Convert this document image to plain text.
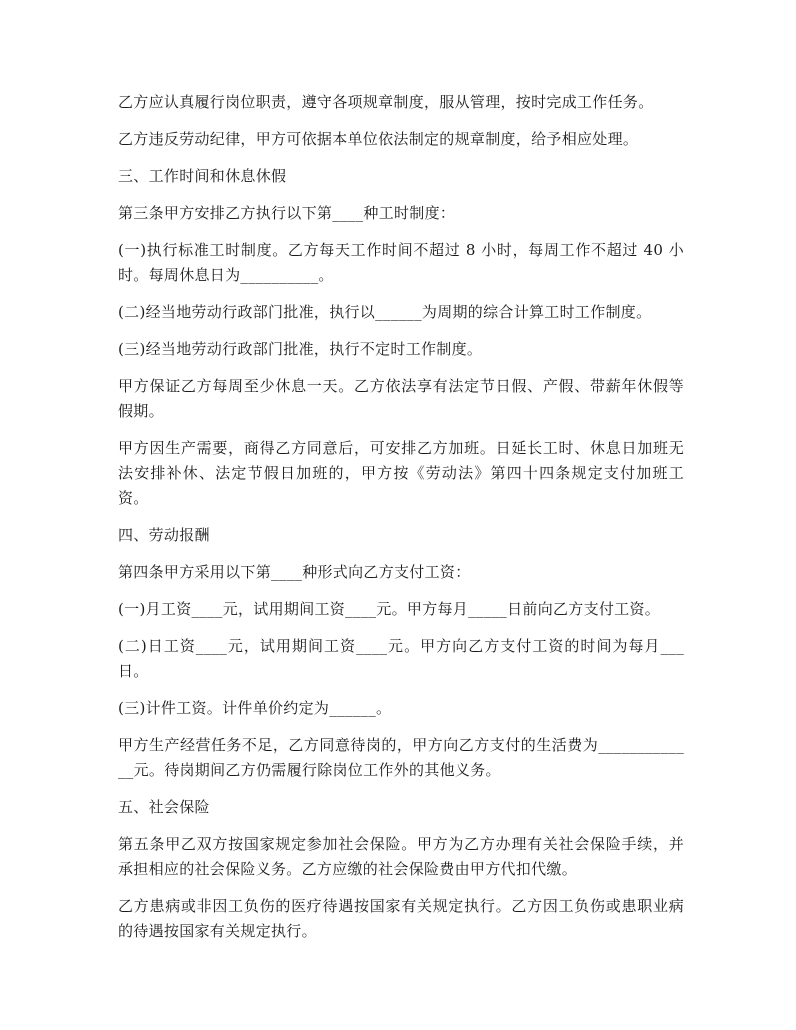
乙方应认真履行岗位职责，遵守各项规章制度，服从管理，按时完成工作任务。

乙方违反劳动纪律，甲方可依据本单位依法制定的规章制度，给予相应处理。

三、工作时间和休息休假

第三条甲方安排乙方执行以下第____种工时制度：

(一)执行标准工时制度。乙方每天工作时间不超过 8 小时，每周工作不超过 40 小时。每周休息日为__________。

(二)经当地劳动行政部门批准，执行以______为周期的综合计算工时工作制度。

(三)经当地劳动行政部门批准，执行不定时工作制度。

甲方保证乙方每周至少休息一天。乙方依法享有法定节日假、产假、带薪年休假等假期。

甲方因生产需要，商得乙方同意后，可安排乙方加班。日延长工时、休息日加班无法安排补休、法定节假日加班的，甲方按《劳动法》第四十四条规定支付加班工资。

四、劳动报酬

第四条甲方采用以下第____种形式向乙方支付工资：

(一)月工资____元，试用期间工资____元。甲方每月_____日前向乙方支付工资。

(二)日工资____元，试用期间工资____元。甲方向乙方支付工资的时间为每月___日。

(三)计件工资。计件单价约定为______。

甲方生产经营任务不足，乙方同意待岗的，甲方向乙方支付的生活费为_____________元。待岗期间乙方仍需履行除岗位工作外的其他义务。

五、社会保险

第五条甲乙双方按国家规定参加社会保险。甲方为乙方办理有关社会保险手续，并承担相应的社会保险义务。乙方应缴的社会保险费由甲方代扣代缴。

乙方患病或非因工负伤的医疗待遇按国家有关规定执行。乙方因工负伤或患职业病的待遇按国家有关规定执行。
